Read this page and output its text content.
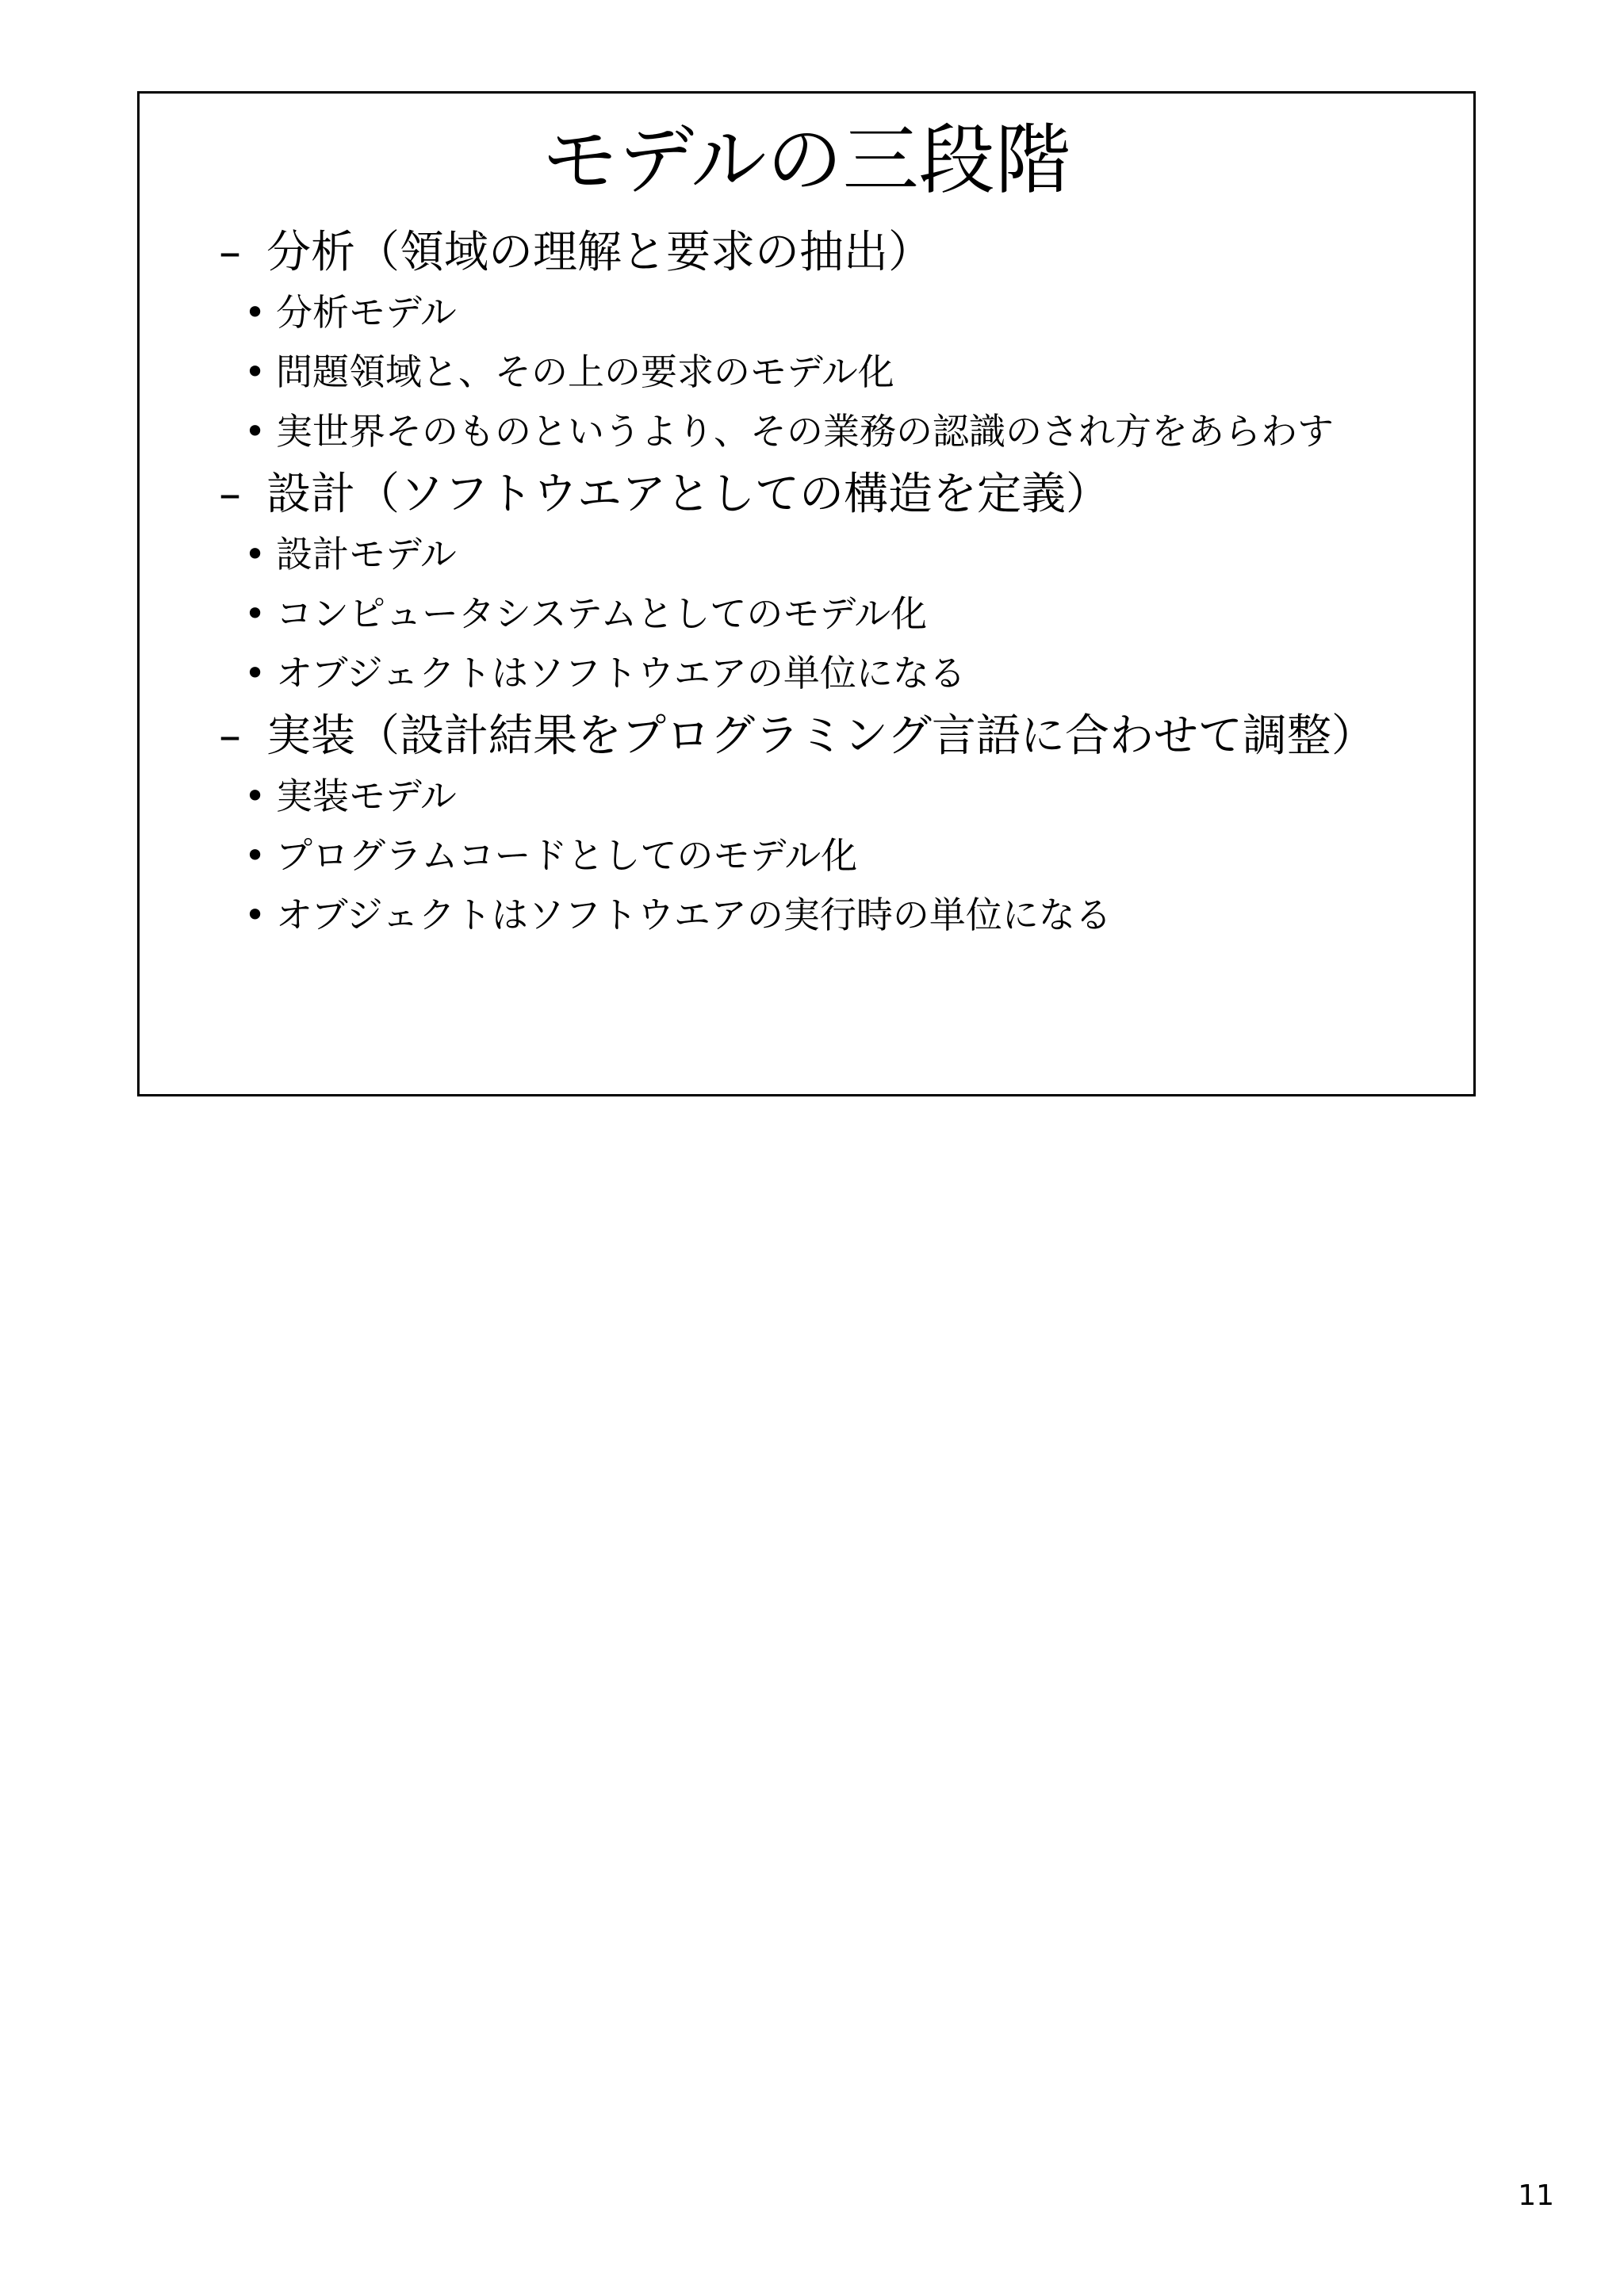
モデルの三段階
– 分析（領域の理解と要求の抽出）
• 分析モデル
• 問題領域と、その上の要求のモデル化
• 実世界そのものというより、その業務の認識のされ方をあらわす
– 設計（ソフトウエアとしての構造を定義）
• 設計モデル
• コンピュータシステムとしてのモデル化
• オブジェクトはソフトウエアの単位になる
– 実装（設計結果をプログラミング言語に合わせて調整）
• 実装モデル
• プログラムコードとしてのモデル化
• オブジェクトはソフトウエアの実行時の単位になる
11
